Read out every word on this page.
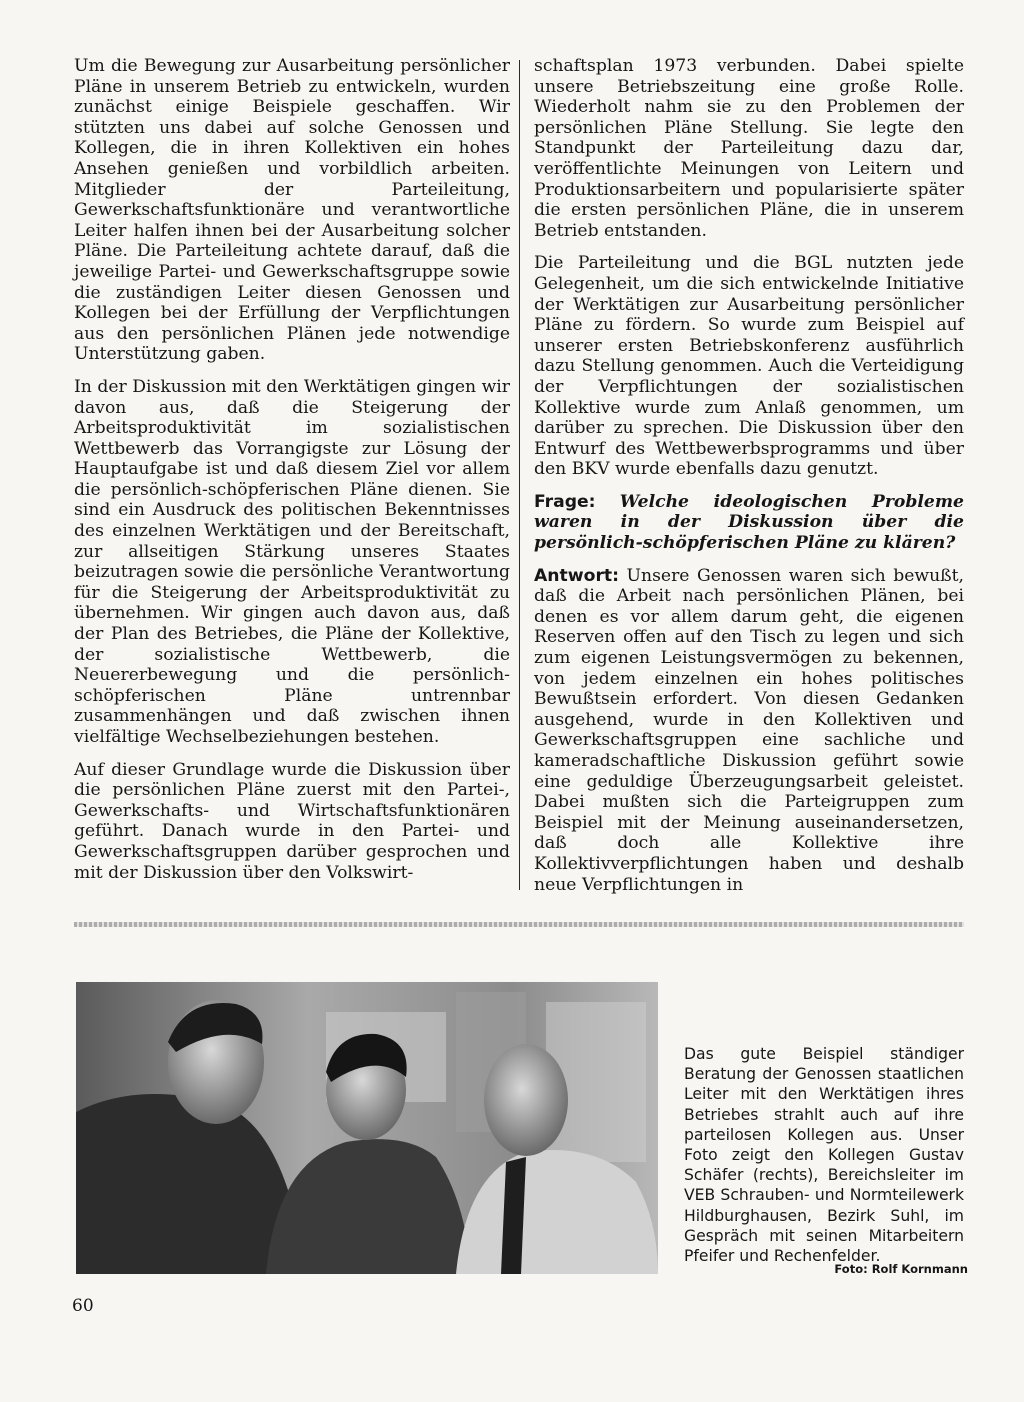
Um die Bewegung zur Ausarbeitung persönlicher Pläne in unserem Betrieb zu entwickeln, wurden zunächst einige Beispiele geschaffen. Wir stützten uns dabei auf solche Genossen und Kollegen, die in ihren Kollektiven ein hohes Ansehen genießen und vorbildlich arbeiten. Mitglieder der Parteileitung, Gewerkschaftsfunktionäre und verantwortliche Leiter halfen ihnen bei der Ausarbeitung solcher Pläne. Die Parteileitung achtete darauf, daß die jeweilige Partei- und Gewerkschaftsgruppe sowie die zuständigen Leiter diesen Genossen und Kollegen bei der Erfüllung der Verpflichtungen aus den persönlichen Plänen jede notwendige Unterstützung gaben.

In der Diskussion mit den Werktätigen gingen wir davon aus, daß die Steigerung der Arbeitsproduktivität im sozialistischen Wettbewerb das Vorrangigste zur Lösung der Hauptaufgabe ist und daß diesem Ziel vor allem die persönlich-schöpferischen Pläne dienen. Sie sind ein Ausdruck des politischen Bekenntnisses des einzelnen Werktätigen und der Bereitschaft, zur allseitigen Stärkung unseres Staates beizutragen sowie die persönliche Verantwortung für die Steigerung der Arbeitsproduktivität zu übernehmen. Wir gingen auch davon aus, daß der Plan des Betriebes, die Pläne der Kollektive, der sozialistische Wettbewerb, die Neuererbewegung und die persönlich-schöpferischen Pläne untrennbar zusammenhängen und daß zwischen ihnen vielfältige Wechselbeziehungen bestehen.

Auf dieser Grundlage wurde die Diskussion über die persönlichen Pläne zuerst mit den Partei-, Gewerkschafts- und Wirtschaftsfunktionären geführt. Danach wurde in den Partei- und Gewerkschaftsgruppen darüber gesprochen und mit der Diskussion über den Volkswirt-

schaftsplan 1973 verbunden. Dabei spielte unsere Betriebszeitung eine große Rolle. Wiederholt nahm sie zu den Problemen der persönlichen Pläne Stellung. Sie legte den Standpunkt der Parteileitung dazu dar, veröffentlichte Meinungen von Leitern und Produktionsarbeitern und popularisierte später die ersten persönlichen Pläne, die in unserem Betrieb entstanden.

Die Parteileitung und die BGL nutzten jede Gelegenheit, um die sich entwickelnde Initiative der Werktätigen zur Ausarbeitung persönlicher Pläne zu fördern. So wurde zum Beispiel auf unserer ersten Betriebskonferenz ausführlich dazu Stellung genommen. Auch die Verteidigung der Verpflichtungen der sozialistischen Kollektive wurde zum Anlaß genommen, um darüber zu sprechen. Die Diskussion über den Entwurf des Wettbewerbsprogramms und über den BKV wurde ebenfalls dazu genutzt.

Frage: Welche ideologischen Probleme waren in der Diskussion über die persönlich-schöpferischen Pläne zu klären?

Antwort: Unsere Genossen waren sich bewußt, daß die Arbeit nach persönlichen Plänen, bei denen es vor allem darum geht, die eigenen Reserven offen auf den Tisch zu legen und sich zum eigenen Leistungsvermögen zu bekennen, von jedem einzelnen ein hohes politisches Bewußtsein erfordert. Von diesen Gedanken ausgehend, wurde in den Kollektiven und Gewerkschaftsgruppen eine sachliche und kameradschaftliche Diskussion geführt sowie eine geduldige Überzeugungsarbeit geleistet. Dabei mußten sich die Parteigruppen zum Beispiel mit der Meinung auseinandersetzen, daß doch alle Kollektive ihre Kollektivverpflichtungen haben und deshalb neue Verpflichtungen in

Das gute Beispiel ständiger Beratung der Genossen staatlichen Leiter mit den Werktätigen ihres Betriebes strahlt auch auf ihre parteilosen Kollegen aus. Unser Foto zeigt den Kollegen Gustav Schäfer (rechts), Bereichsleiter im VEB Schrauben- und Normteilewerk Hildburghausen, Bezirk Suhl, im Gespräch mit seinen Mitarbeitern Pfeifer und Rechenfelder.
Foto: Rolf Kornmann
60
